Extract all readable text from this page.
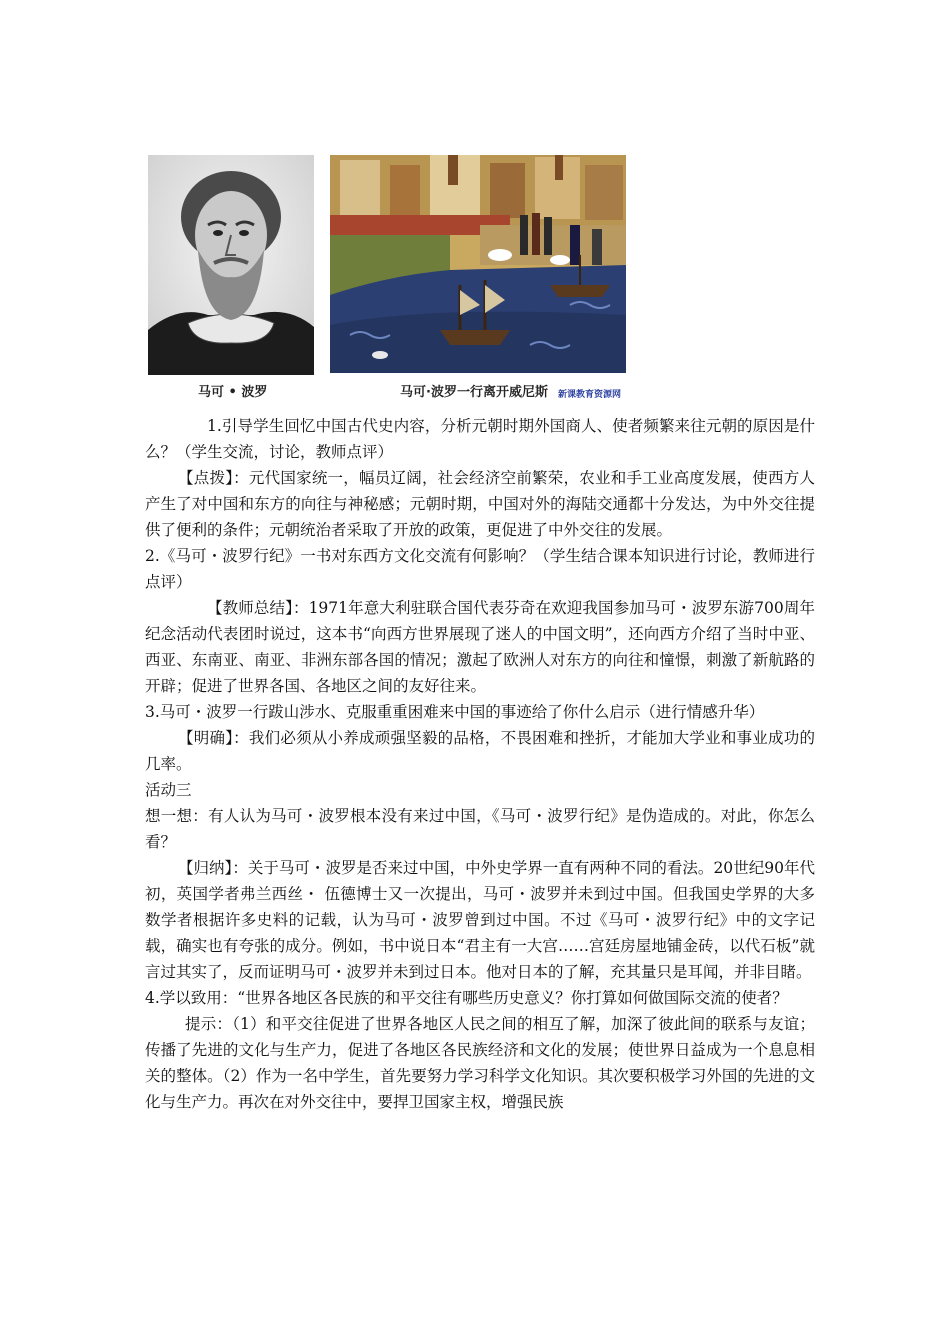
马可 • 波罗	马可·波罗一行离开威尼斯 新课教育资源网

1.引导学生回忆中国古代史内容，分析元朝时期外国商人、使者频繁来往元朝的原因是什么？（学生交流，讨论，教师点评）

【点拨】：元代国家统一，幅员辽阔，社会经济空前繁荣，农业和手工业高度发展，使西方人产生了对中国和东方的向往与神秘感；元朝时期，中国对外的海陆交通都十分发达，为中外交往提供了便利的条件；元朝统治者采取了开放的政策，更促进了中外交往的发展。

2.《马可・波罗行纪》一书对东西方文化交流有何影响？（学生结合课本知识进行讨论，教师进行点评）

【教师总结】：1971年意大利驻联合国代表芬奇在欢迎我国参加马可・波罗东游700周年纪念活动代表团时说过，这本书“向西方世界展现了迷人的中国文明”，还向西方介绍了当时中亚、西亚、东南亚、南亚、非洲东部各国的情况；激起了欧洲人对东方的向往和憧憬，刺激了新航路的开辟；促进了世界各国、各地区之间的友好往来。

3.马可・波罗一行跋山涉水、克服重重困难来中国的事迹给了你什么启示（进行情感升华）

【明确】：我们必须从小养成顽强坚毅的品格，不畏困难和挫折，才能加大学业和事业成功的几率。

活动三

想一想：有人认为马可・波罗根本没有来过中国，《马可・波罗行纪》是伪造成的。对此，你怎么看？

【归纳】：关于马可・波罗是否来过中国，中外史学界一直有两种不同的看法。20世纪90年代初，英国学者弗兰西丝・ 伍德博士又一次提出，马可・波罗并未到过中国。但我国史学界的大多数学者根据许多史料的记载，认为马可・波罗曾到过中国。不过《马可・波罗行纪》中的文字记载，确实也有夸张的成分。例如，书中说日本“君主有一大宫……宫廷房屋地铺金砖，以代石板”就言过其实了，反而证明马可・波罗并未到过日本。他对日本的了解，充其量只是耳闻，并非目睹。

4.学以致用：“世界各地区各民族的和平交往有哪些历史意义？你打算如何做国际交流的使者？

提示：（1）和平交往促进了世界各地区人民之间的相互了解，加深了彼此间的联系与友谊；传播了先进的文化与生产力，促进了各地区各民族经济和文化的发展；使世界日益成为一个息息相关的整体。（2）作为一名中学生，首先要努力学习科学文化知识。其次要积极学习外国的先进的文化与生产力。再次在对外交往中，要捍卫国家主权，增强民族
